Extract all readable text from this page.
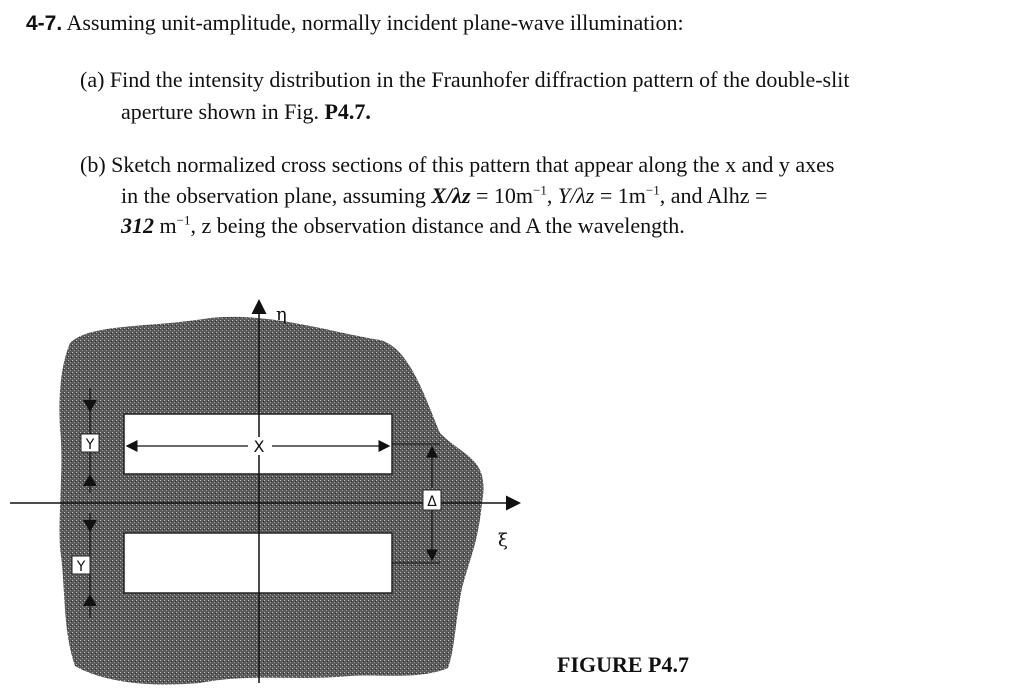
4-7. Assuming unit-amplitude, normally incident plane-wave illumination:
(a) Find the intensity distribution in the Fraunhofer diffraction pattern of the double-slit
aperture shown in Fig. P4.7.
(b) Sketch normalized cross sections of this pattern that appear along the x and y axes
in the observation plane, assuming $X/\lambda z = 10m^{-1}$, $Y/\lambda z = 1m^{-1}$, and Alhz =
312 $m^{-1}$, z being the observation distance and A the wavelength.
η
ξ
X
Y
Y
Δ
FIGURE P4.7
